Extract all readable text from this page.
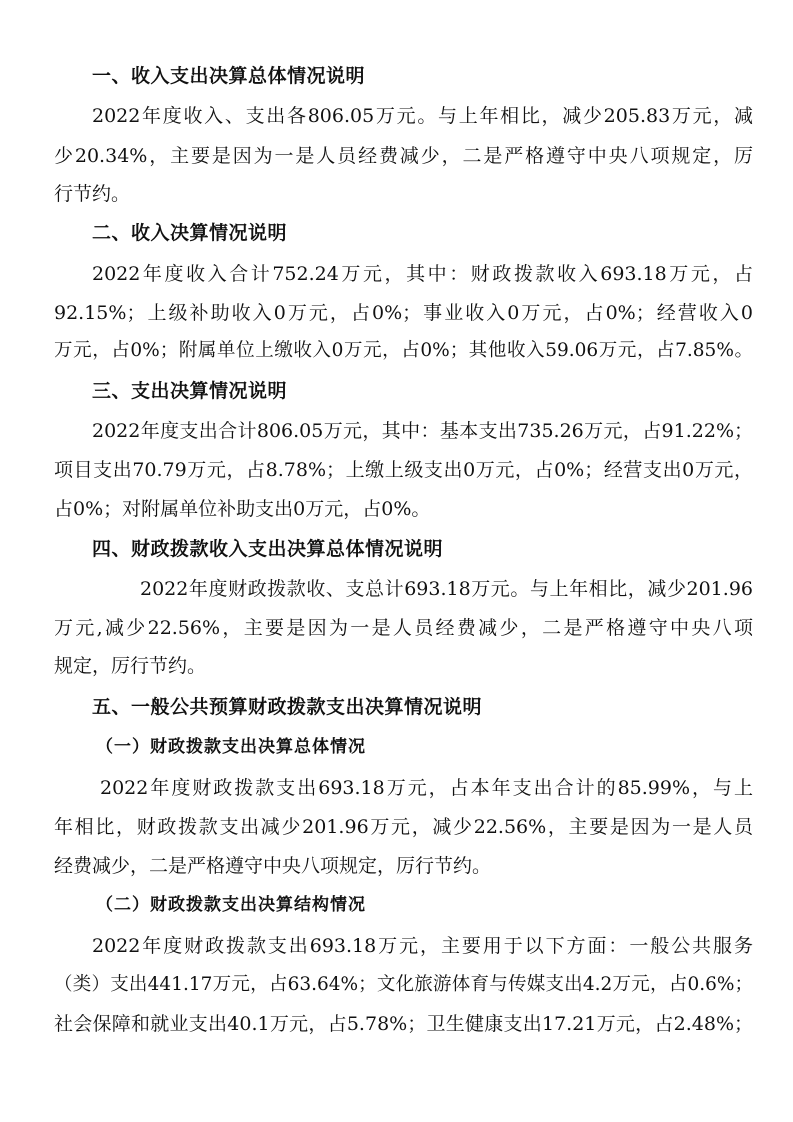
一、收入支出决算总体情况说明
2022年度收入、支出各806.05万元。与上年相比，减少205.83万元，减
少20.34%，主要是因为一是人员经费减少，二是严格遵守中央八项规定，厉
行节约。
二、收入决算情况说明
2022年度收入合计752.24万元，其中：财政拨款收入693.18万元，占
92.15%；上级补助收入0万元，占0%；事业收入0万元，占0%；经营收入0
万元，占0%；附属单位上缴收入0万元，占0%；其他收入59.06万元，占7.85%。
三、支出决算情况说明
2022年度支出合计806.05万元，其中：基本支出735.26万元，占91.22%；
项目支出70.79万元，占8.78%；上缴上级支出0万元，占0%；经营支出0万元，
占0%；对附属单位补助支出0万元，占0%。
四、财政拨款收入支出决算总体情况说明
2022年度财政拨款收、支总计693.18万元。与上年相比，减少201.96
万元,减少22.56%，主要是因为一是人员经费减少，二是严格遵守中央八项
规定，厉行节约。
五、一般公共预算财政拨款支出决算情况说明
（一）财政拨款支出决算总体情况
2022年度财政拨款支出693.18万元，占本年支出合计的85.99%，与上
年相比，财政拨款支出减少201.96万元，减少22.56%，主要是因为一是人员
经费减少，二是严格遵守中央八项规定，厉行节约。
（二）财政拨款支出决算结构情况
2022年度财政拨款支出693.18万元，主要用于以下方面：一般公共服务
（类）支出441.17万元，占63.64%；文化旅游体育与传媒支出4.2万元，占0.6%；
社会保障和就业支出40.1万元，占5.78%；卫生健康支出17.21万元，占2.48%；
